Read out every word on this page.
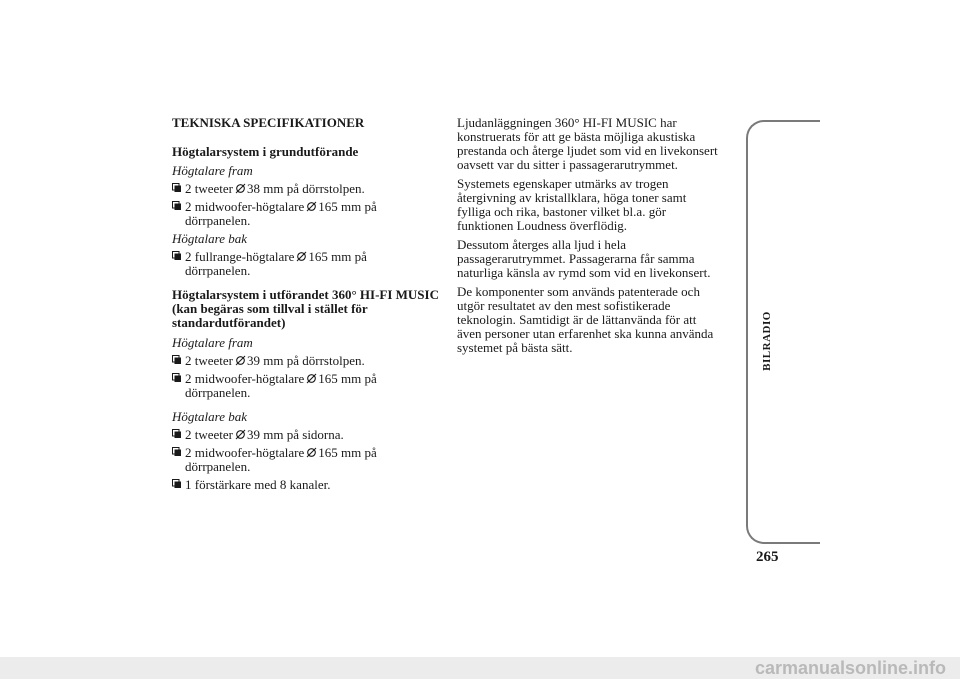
TEKNISKA SPECIFIKATIONER
Högtalarsystem i grundutförande
Högtalare fram
2 tweeter 38 mm på dörrstolpen.
2 midwoofer-högtalare 165 mm på
dörrpanelen.
Högtalare bak
2 fullrange-högtalare 165 mm på
dörrpanelen.
Högtalarsystem i utförandet 360° HI-FI MUSIC
(kan begäras som tillval i stället för
standardutförandet)
Högtalare fram
2 tweeter 39 mm på dörrstolpen.
2 midwoofer-högtalare 165 mm på
dörrpanelen.
Högtalare bak
2 tweeter 39 mm på sidorna.
2 midwoofer-högtalare 165 mm på
dörrpanelen.
1 förstärkare med 8 kanaler.
Ljudanläggningen 360° HI-FI MUSIC har
konstruerats för att ge bästa möjliga akustiska
prestanda och återge ljudet som vid en livekonsert
oavsett var du sitter i passagerarutrymmet.
Systemets egenskaper utmärks av trogen
återgivning av kristallklara, höga toner samt
fylliga och rika, bastoner vilket bl.a. gör
funktionen Loudness överflödig.
Dessutom återges alla ljud i hela
passagerarutrymmet. Passagerarna får samma
naturliga känsla av rymd som vid en livekonsert.
De komponenter som används patenterade och
utgör resultatet av den mest sofistikerade
teknologin. Samtidigt är de lättanvända för att
även personer utan erfarenhet ska kunna använda
systemet på bästa sätt.	BILRADIO
265
carmanualsonline.info
